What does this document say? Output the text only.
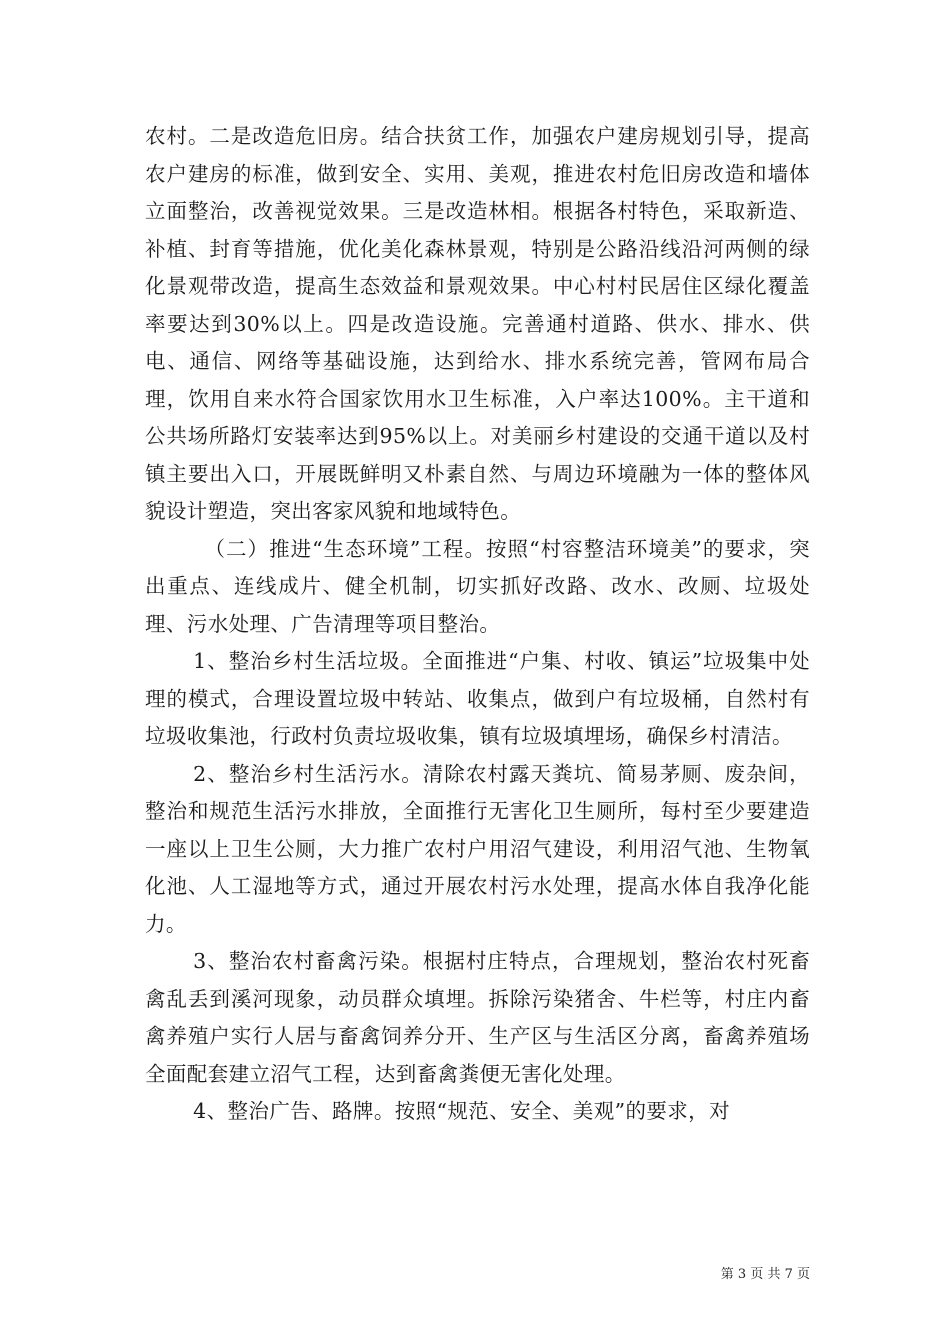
农村。二是改造危旧房。结合扶贫工作，加强农户建房规划引导，提高农户建房的标准，做到安全、实用、美观，推进农村危旧房改造和墙体立面整治，改善视觉效果。三是改造林相。根据各村特色，采取新造、补植、封育等措施，优化美化森林景观，特别是公路沿线沿河两侧的绿化景观带改造，提高生态效益和景观效果。中心村村民居住区绿化覆盖率要达到30%以上。四是改造设施。完善通村道路、供水、排水、供电、通信、网络等基础设施，达到给水、排水系统完善，管网布局合理，饮用自来水符合国家饮用水卫生标准，入户率达100%。主干道和公共场所路灯安装率达到95%以上。对美丽乡村建设的交通干道以及村镇主要出入口，开展既鲜明又朴素自然、与周边环境融为一体的整体风貌设计塑造，突出客家风貌和地域特色。

（二）推进“生态环境”工程。按照“村容整洁环境美”的要求，突出重点、连线成片、健全机制，切实抓好改路、改水、改厕、垃圾处理、污水处理、广告清理等项目整治。

1、整治乡村生活垃圾。全面推进“户集、村收、镇运”垃圾集中处理的模式，合理设置垃圾中转站、收集点，做到户有垃圾桶，自然村有垃圾收集池，行政村负责垃圾收集，镇有垃圾填埋场，确保乡村清洁。

2、整治乡村生活污水。清除农村露天粪坑、简易茅厕、废杂间，整治和规范生活污水排放，全面推行无害化卫生厕所，每村至少要建造一座以上卫生公厕，大力推广农村户用沼气建设，利用沼气池、生物氧化池、人工湿地等方式，通过开展农村污水处理，提高水体自我净化能力。

3、整治农村畜禽污染。根据村庄特点，合理规划，整治农村死畜禽乱丢到溪河现象，动员群众填埋。拆除污染猪舍、牛栏等，村庄内畜禽养殖户实行人居与畜禽饲养分开、生产区与生活区分离，畜禽养殖场全面配套建立沼气工程，达到畜禽粪便无害化处理。

4、整治广告、路牌。按照“规范、安全、美观”的要求，对

第 3 页 共 7 页
